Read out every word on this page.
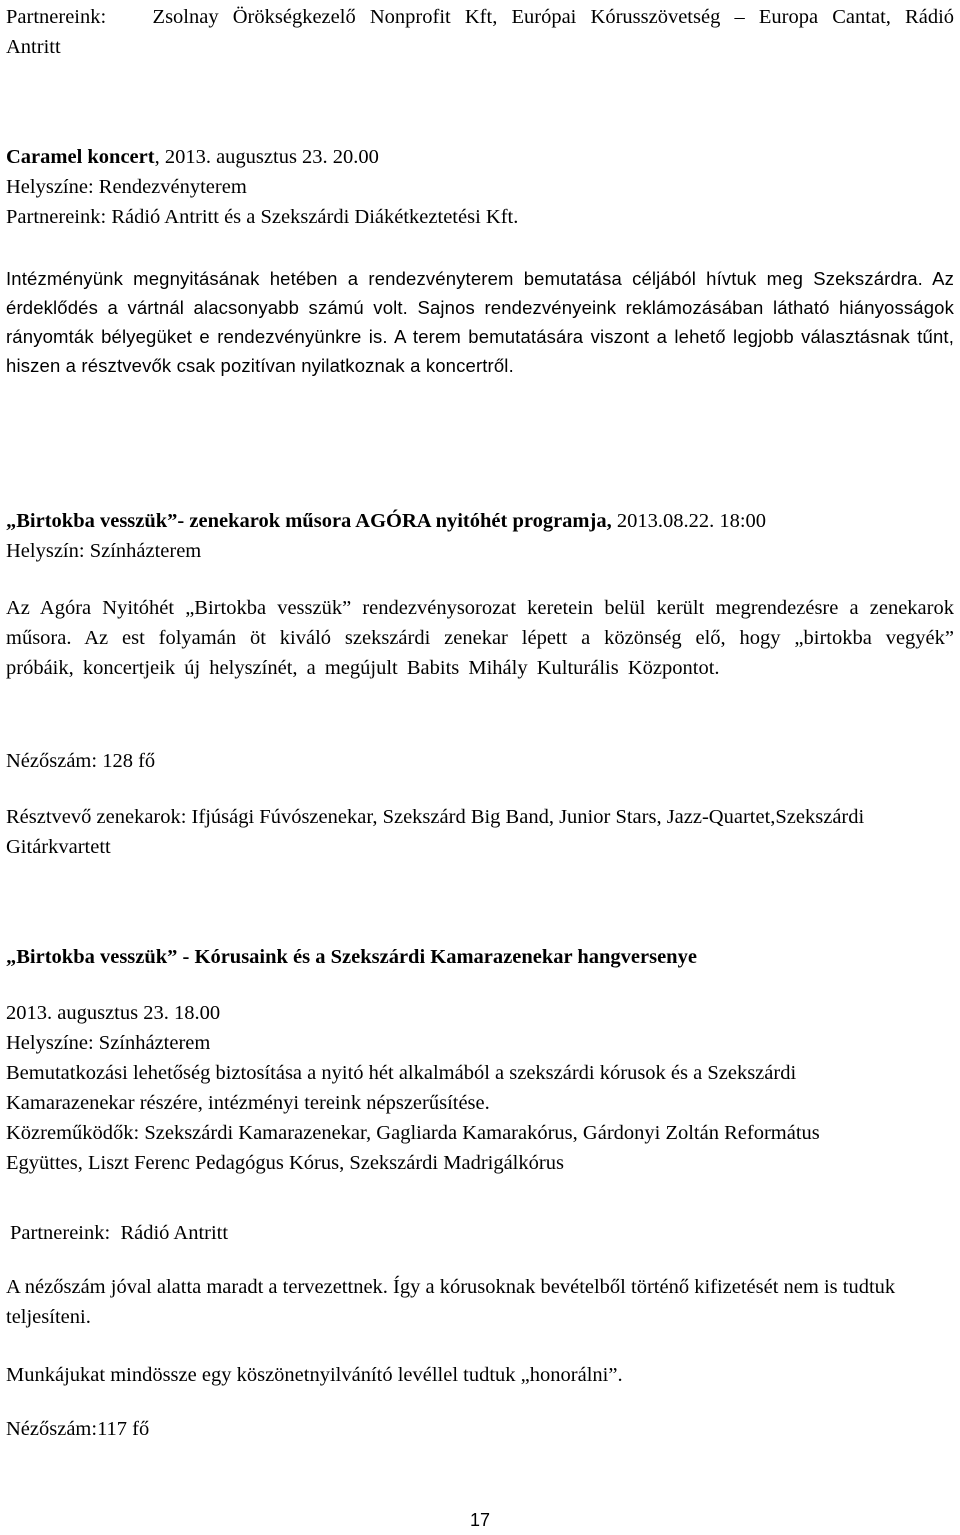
Partnereink: Zsolnay Örökségkezelő Nonprofit Kft, Európai Kórusszövetség – Europa Cantat, Rádió Antritt

Caramel koncert, 2013. augusztus 23. 20.00

Helyszíne: Rendezvényterem

Partnereink: Rádió Antritt és a Szekszárdi Diákétkeztetési Kft.

Intézményünk megnyitásának hetében a rendezvényterem bemutatása céljából hívtuk meg Szekszárdra. Az érdeklődés a vártnál alacsonyabb számú volt. Sajnos rendezvényeink reklámozásában látható hiányosságok rányomták bélyegüket e rendezvényünkre is. A terem bemutatására viszont a lehető legjobb választásnak tűnt, hiszen a résztvevők csak pozitívan nyilatkoznak a koncertről.

„Birtokba vesszük”- zenekarok műsora AGÓRA nyitóhét programja, 2013.08.22. 18:00

Helyszín: Színházterem

Az Agóra Nyitóhét „Birtokba vesszük” rendezvénysorozat keretein belül került megrendezésre a zenekarok műsora. Az est folyamán öt kiváló szekszárdi zenekar lépett a közönség elő, hogy „birtokba vegyék” próbáik, koncertjeik új helyszínét, a megújult Babits Mihály Kulturális Központot.

Nézőszám: 128 fő

Résztvevő zenekarok: Ifjúsági Fúvószenekar, Szekszárd Big Band, Junior Stars, Jazz-Quartet,Szekszárdi Gitárkvartett

„Birtokba vesszük” - Kórusaink és a Szekszárdi Kamarazenekar hangversenye

2013. augusztus 23. 18.00

Helyszíne: Színházterem

Bemutatkozási lehetőség biztosítása a nyitó hét alkalmából a szekszárdi kórusok és a Szekszárdi Kamarazenekar részére, intézményi tereink népszerűsítése.

Közreműködők: Szekszárdi Kamarazenekar, Gagliarda Kamarakórus, Gárdonyi Zoltán Református Együttes, Liszt Ferenc Pedagógus Kórus, Szekszárdi Madrigálkórus

Partnereink:  Rádió Antritt

A nézőszám jóval alatta maradt a tervezettnek. Így a kórusoknak bevételből történő kifizetését nem is tudtuk teljesíteni.

Munkájukat mindössze egy köszönetnyilvánító levéllel tudtuk „honorálni”.

Nézőszám:117 fő

17
